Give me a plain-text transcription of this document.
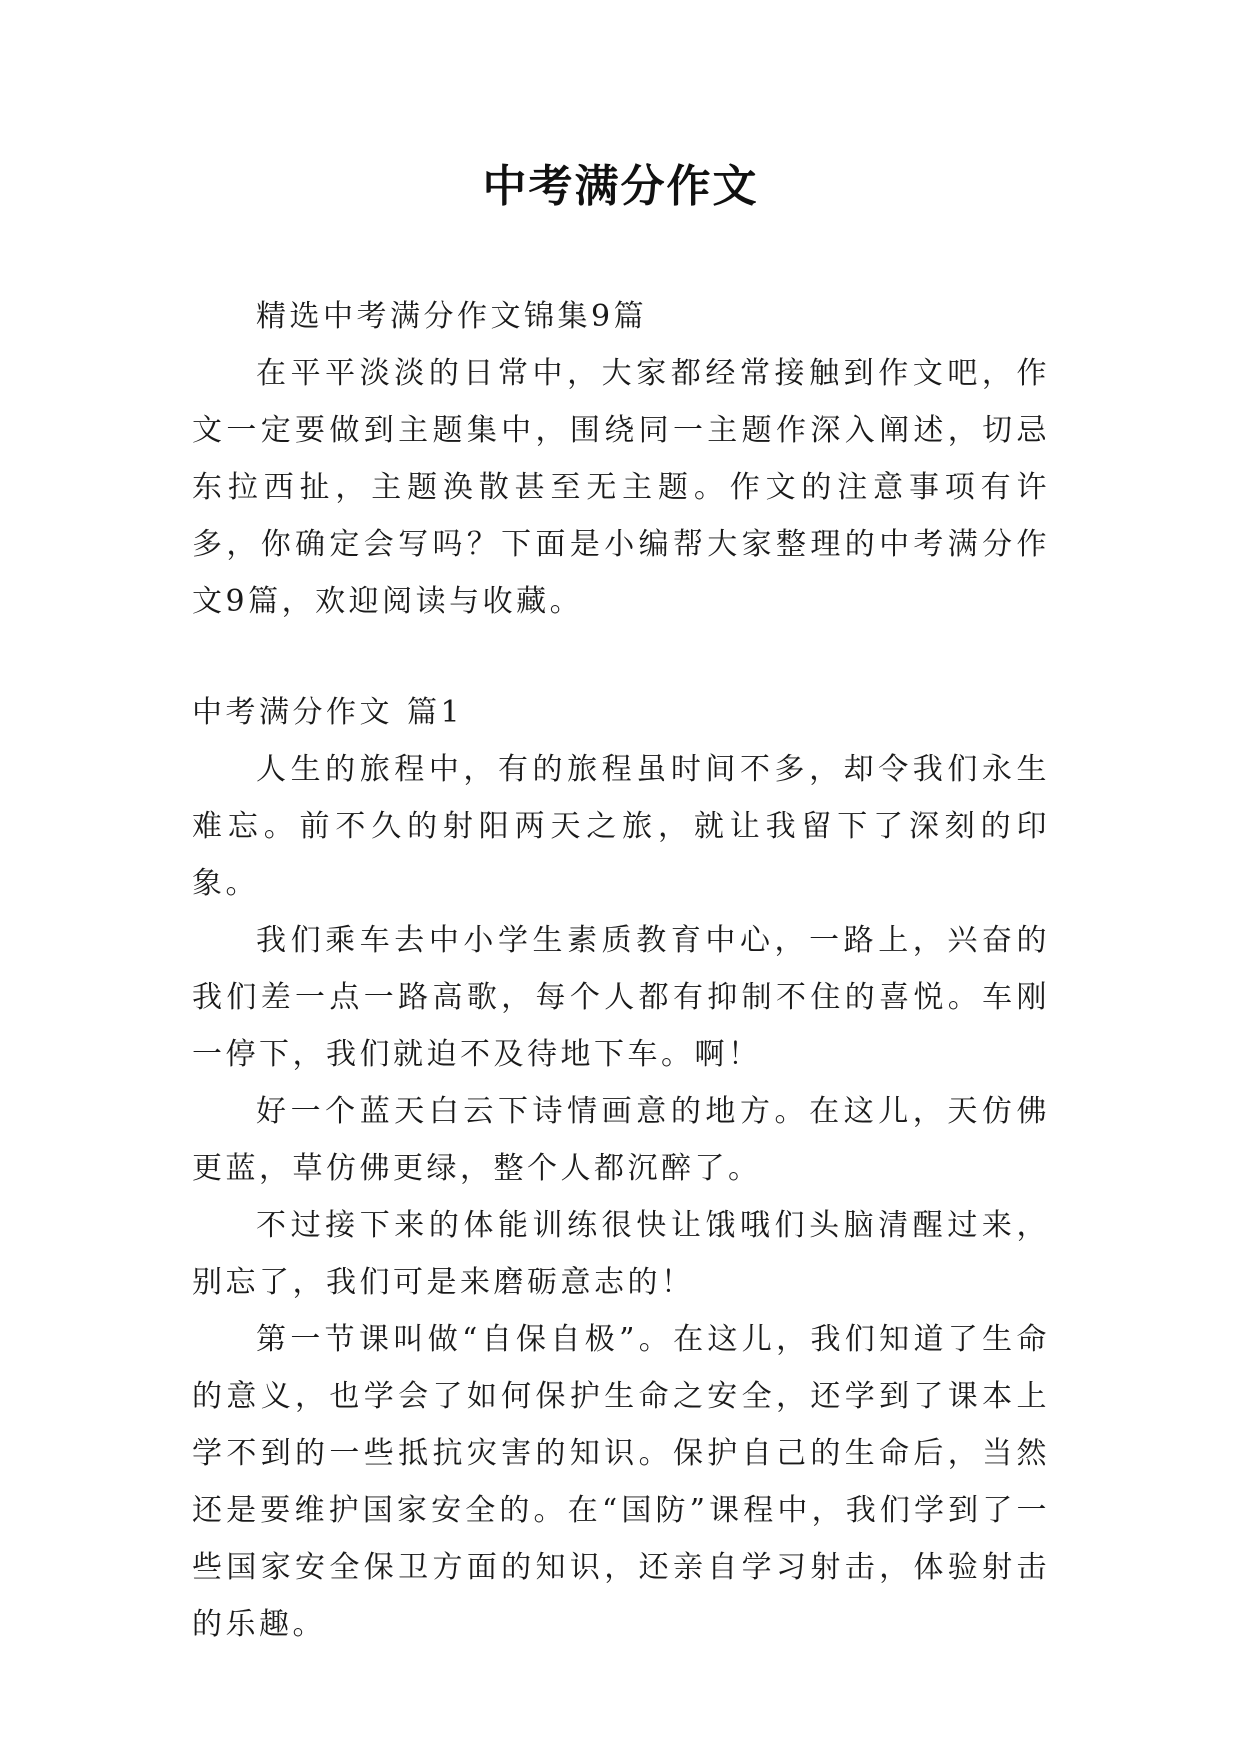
中考满分作文

精选中考满分作文锦集9篇

在平平淡淡的日常中，大家都经常接触到作文吧，作文一定要做到主题集中，围绕同一主题作深入阐述，切忌东拉西扯，主题涣散甚至无主题。作文的注意事项有许多，你确定会写吗？下面是小编帮大家整理的中考满分作文9篇，欢迎阅读与收藏。

中考满分作文 篇1

人生的旅程中，有的旅程虽时间不多，却令我们永生难忘。前不久的射阳两天之旅，就让我留下了深刻的印象。

我们乘车去中小学生素质教育中心，一路上，兴奋的我们差一点一路高歌，每个人都有抑制不住的喜悦。车刚一停下，我们就迫不及待地下车。啊！

好一个蓝天白云下诗情画意的地方。在这儿，天仿佛更蓝，草仿佛更绿，整个人都沉醉了。

不过接下来的体能训练很快让饿哦们头脑清醒过来，别忘了，我们可是来磨砺意志的！

第一节课叫做“自保自极”。在这儿，我们知道了生命的意义，也学会了如何保护生命之安全，还学到了课本上学不到的一些抵抗灾害的知识。保护自己的生命后，当然还是要维护国家安全的。在“国防”课程中，我们学到了一些国家安全保卫方面的知识，还亲自学习射击，体验射击的乐趣。
